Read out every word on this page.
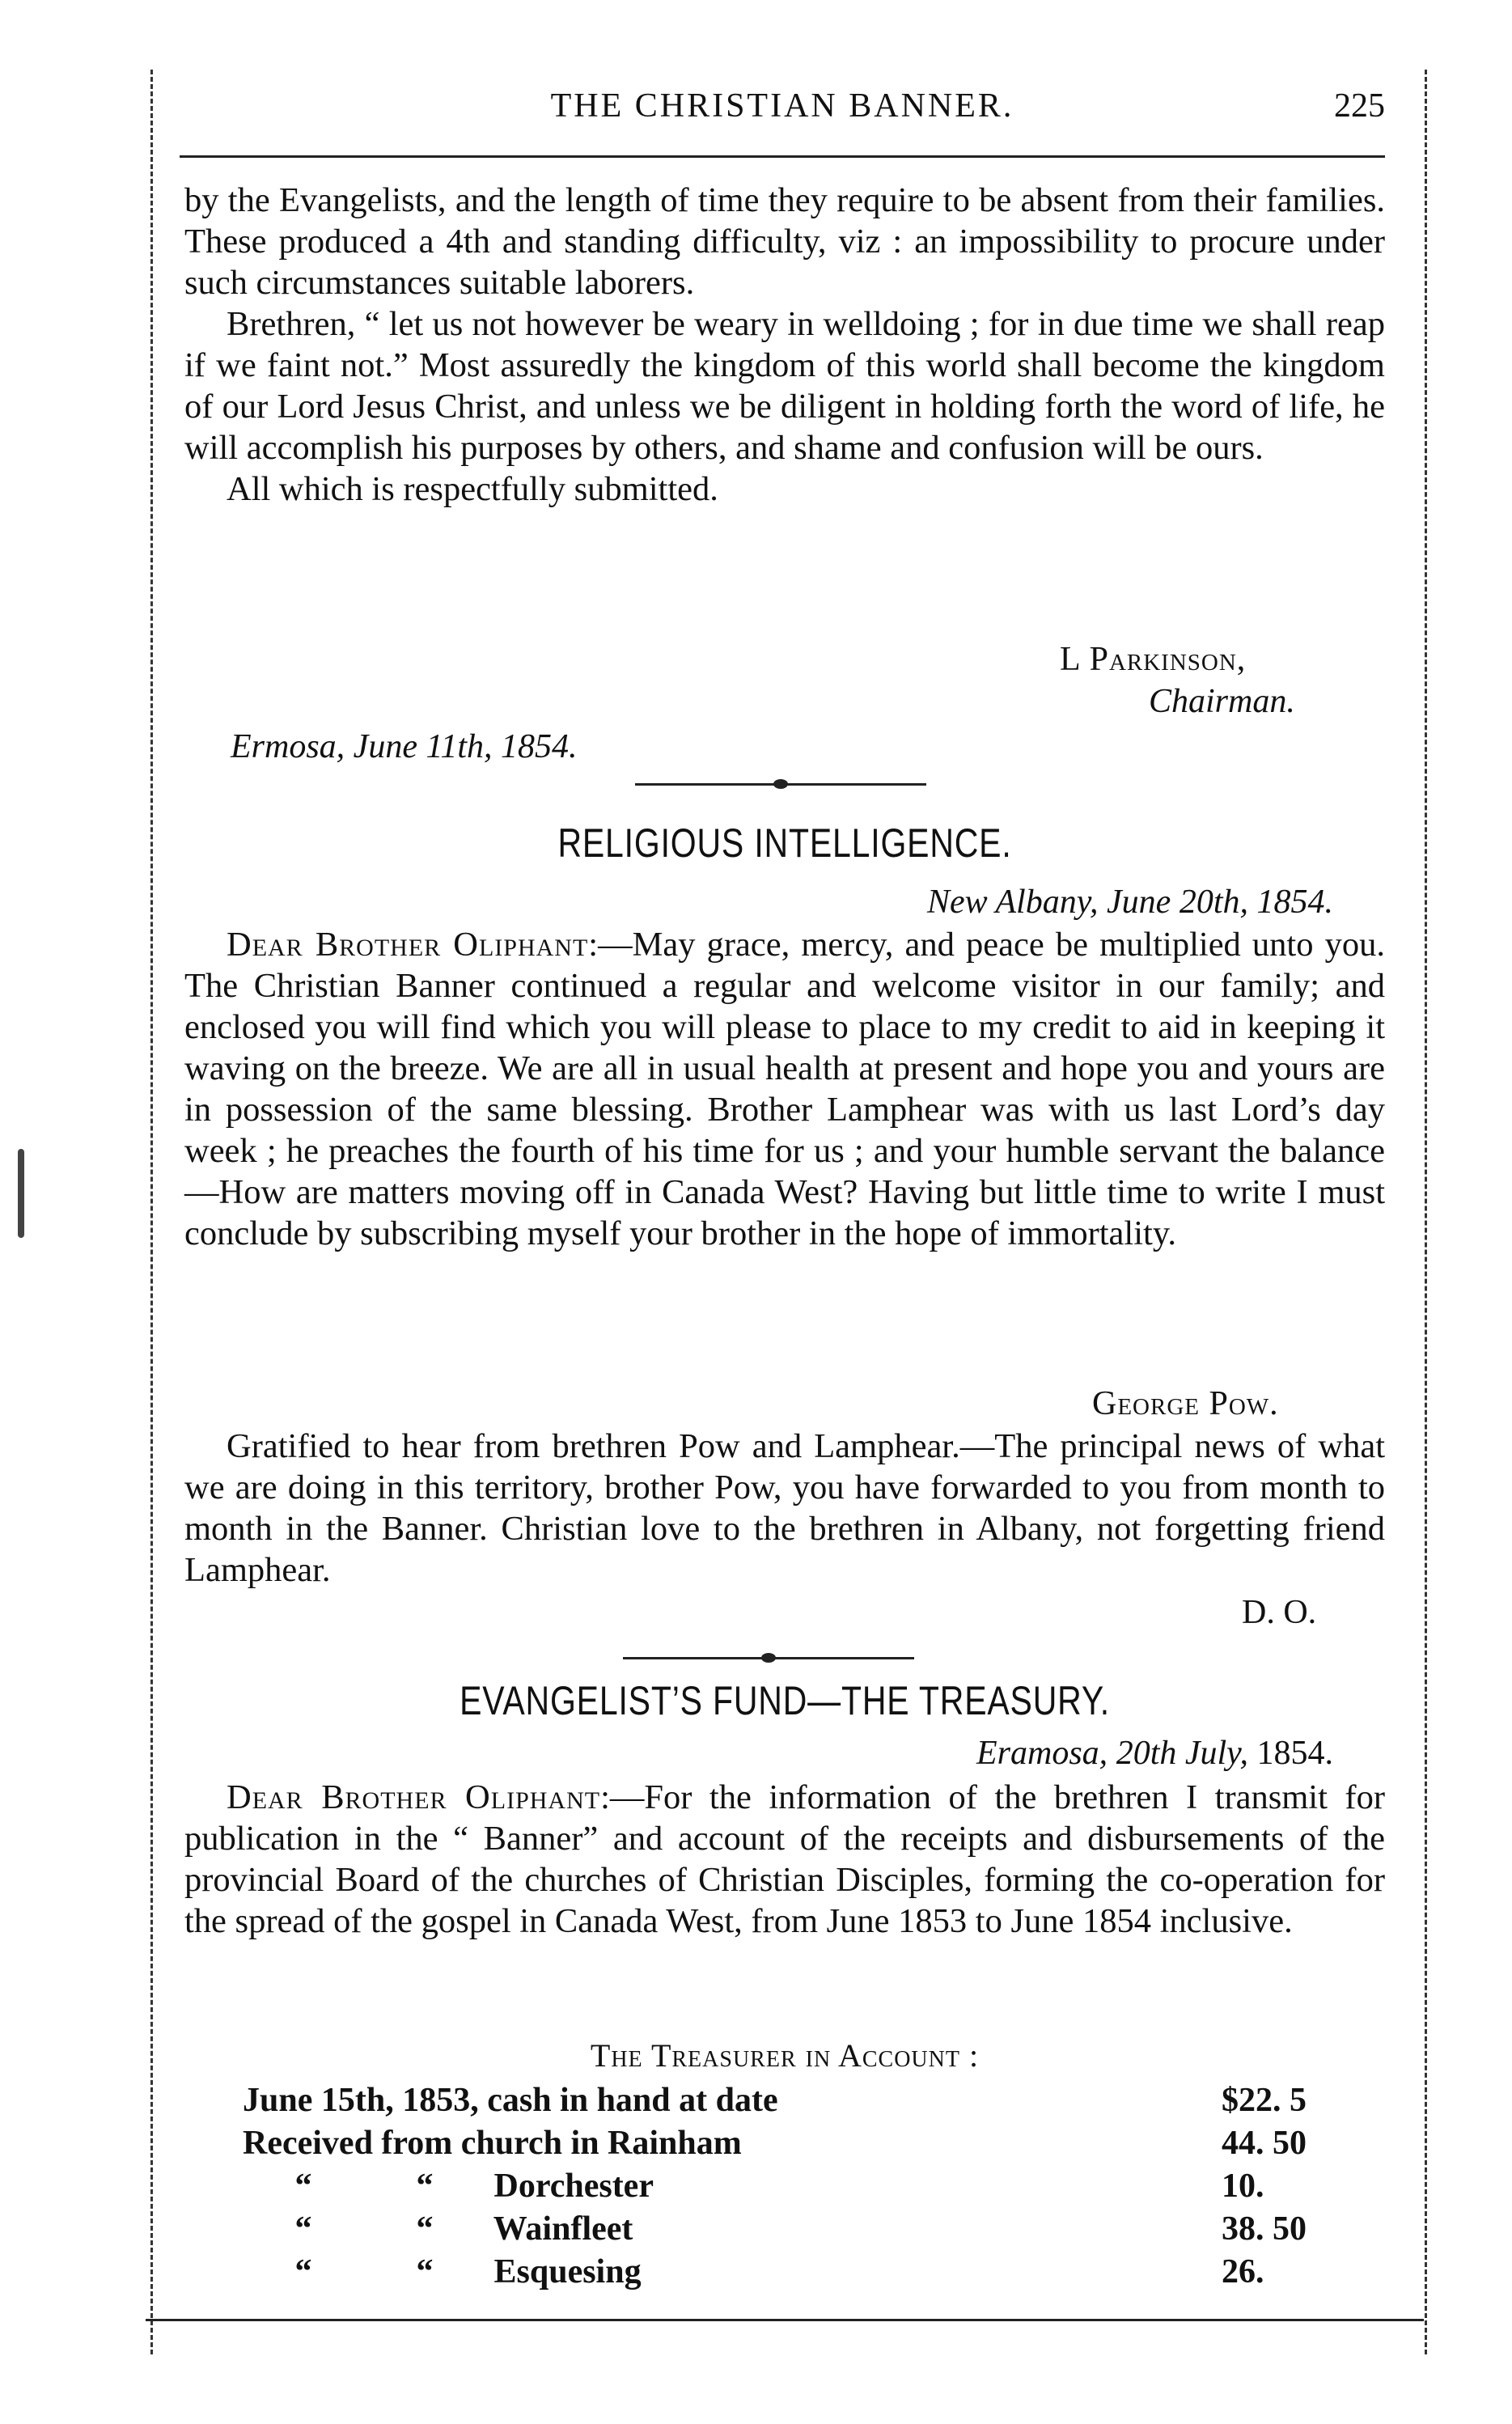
THE CHRISTIAN BANNER.	225

by the Evangelists, and the length of time they require to be absent from their families. These produced a 4th and standing difficulty, viz : an impossibility to procure under such circumstances suitable laborers.

Brethren, “ let us not however be weary in welldoing ; for in due time we shall reap if we faint not.” Most assuredly the kingdom of this world shall become the kingdom of our Lord Jesus Christ, and unless we be diligent in holding forth the word of life, he will accomplish his purposes by others, and shame and confusion will be ours.

All which is respectfully submitted.

L Parkinson,
Chairman.
Ermosa, June 11th, 1854.
RELIGIOUS INTELLIGENCE.
New Albany, June 20th, 1854.

Dear Brother Oliphant:—May grace, mercy, and peace be multiplied unto you. The Christian Banner continued a regular and welcome visitor in our family; and enclosed you will find which you will please to place to my credit to aid in keeping it waving on the breeze. We are all in usual health at present and hope you and yours are in possession of the same blessing. Brother Lamphear was with us last Lord’s day week ; he preaches the fourth of his time for us ; and your humble servant the balance—How are matters moving off in Canada West? Having but little time to write I must conclude by subscribing myself your brother in the hope of immortality.

George Pow.

Gratified to hear from brethren Pow and Lamphear.—The principal news of what we are doing in this territory, brother Pow, you have forwarded to you from month to month in the Banner. Christian love to the brethren in Albany, not forgetting friend Lamphear.

D. O.
EVANGELIST’S FUND—THE TREASURY.
Eramosa, 20th July, 1854.

Dear Brother Oliphant:—For the information of the brethren I transmit for publication in the “ Banner” and account of the receipts and disbursements of the provincial Board of the churches of Christian Disciples, forming the co-operation for the spread of the gospel in Canada West, from June 1853 to June 1854 inclusive.

The Treasurer in Account :
June 15th, 1853, cash in hand at date	$22. 5
Received from church in Rainham	44. 50
“	“ Dorchester	10.
“	“ Wainfleet	38. 50
“	“ Esquesing	26.
